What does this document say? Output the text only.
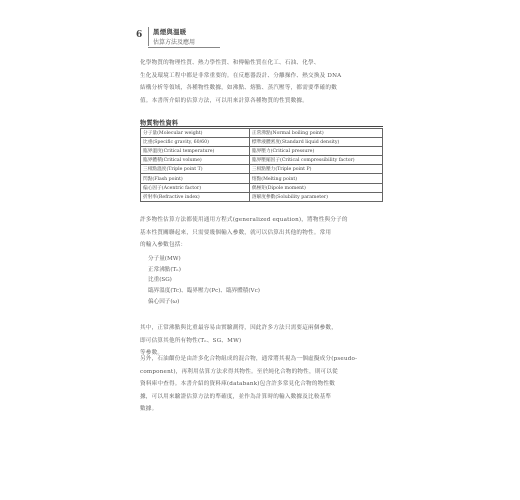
6 黑煙與溫暖
估算方法及應用
化學物質的物理性質、熱力學性質、和傳輸性質在化工、石油、化學、
生化及環境工程中都是非常重要的。在反應器設計、分離操作、熱交換及 DNA
結構分析等領域，各種物性數據，如沸點、熔點、蒸汽壓等，都需要準確的數
值。本書所介紹的估算方法，可以用來計算各種物質的性質數據。
物質物性資料
分子量(Molecular weight)	正常沸點(Normal boiling point)
比重(Specific gravity, 60/60)	標準液體密度(Standard liquid density)
臨界溫度(Critical temperature)	臨界壓力(Critical pressure)
臨界體積(Critical volume)	臨界壓縮因子(Critical compressibility factor)
三相點溫度(Triple point T)	三相點壓力(Triple point P)
閃點(Flash point)	熔點(Melting point)
偏心因子(Acentric factor)	偶極矩(Dipole moment)
折射率(Refractive index)	溶解度參數(Solubility parameter)
許多物性估算方法都使用通用方程式(generalized equation)，將物性與分子的
基本性質關聯起來，只需要幾個輸入參數，就可以估算出其他的物性。常用
的輸入參數包括：
分子量(MW)
正常沸點(Tₙ)
比重(SG)
臨界溫度(Tc)、臨界壓力(Pc)、臨界體積(Vc)
偏心因子(ω)
其中，正常沸點與比重最容易由實驗測得，因此許多方法只需要這兩個參數，
即可估算其他所有物性(Tₙ、SG、MW)
等參數。
另外，石油餾份是由許多化合物組成的混合物，通常將其視為一個虛擬成分(pseudo-
component)，再利用估算方法求得其物性。至於純化合物的物性，則可以從
資料庫中查得。本書介紹的資料庫(databank)包含許多常見化合物的物性數
據，可以用來驗證估算方法的準確度，並作為計算時的輸入數據及比較基準
數據。
